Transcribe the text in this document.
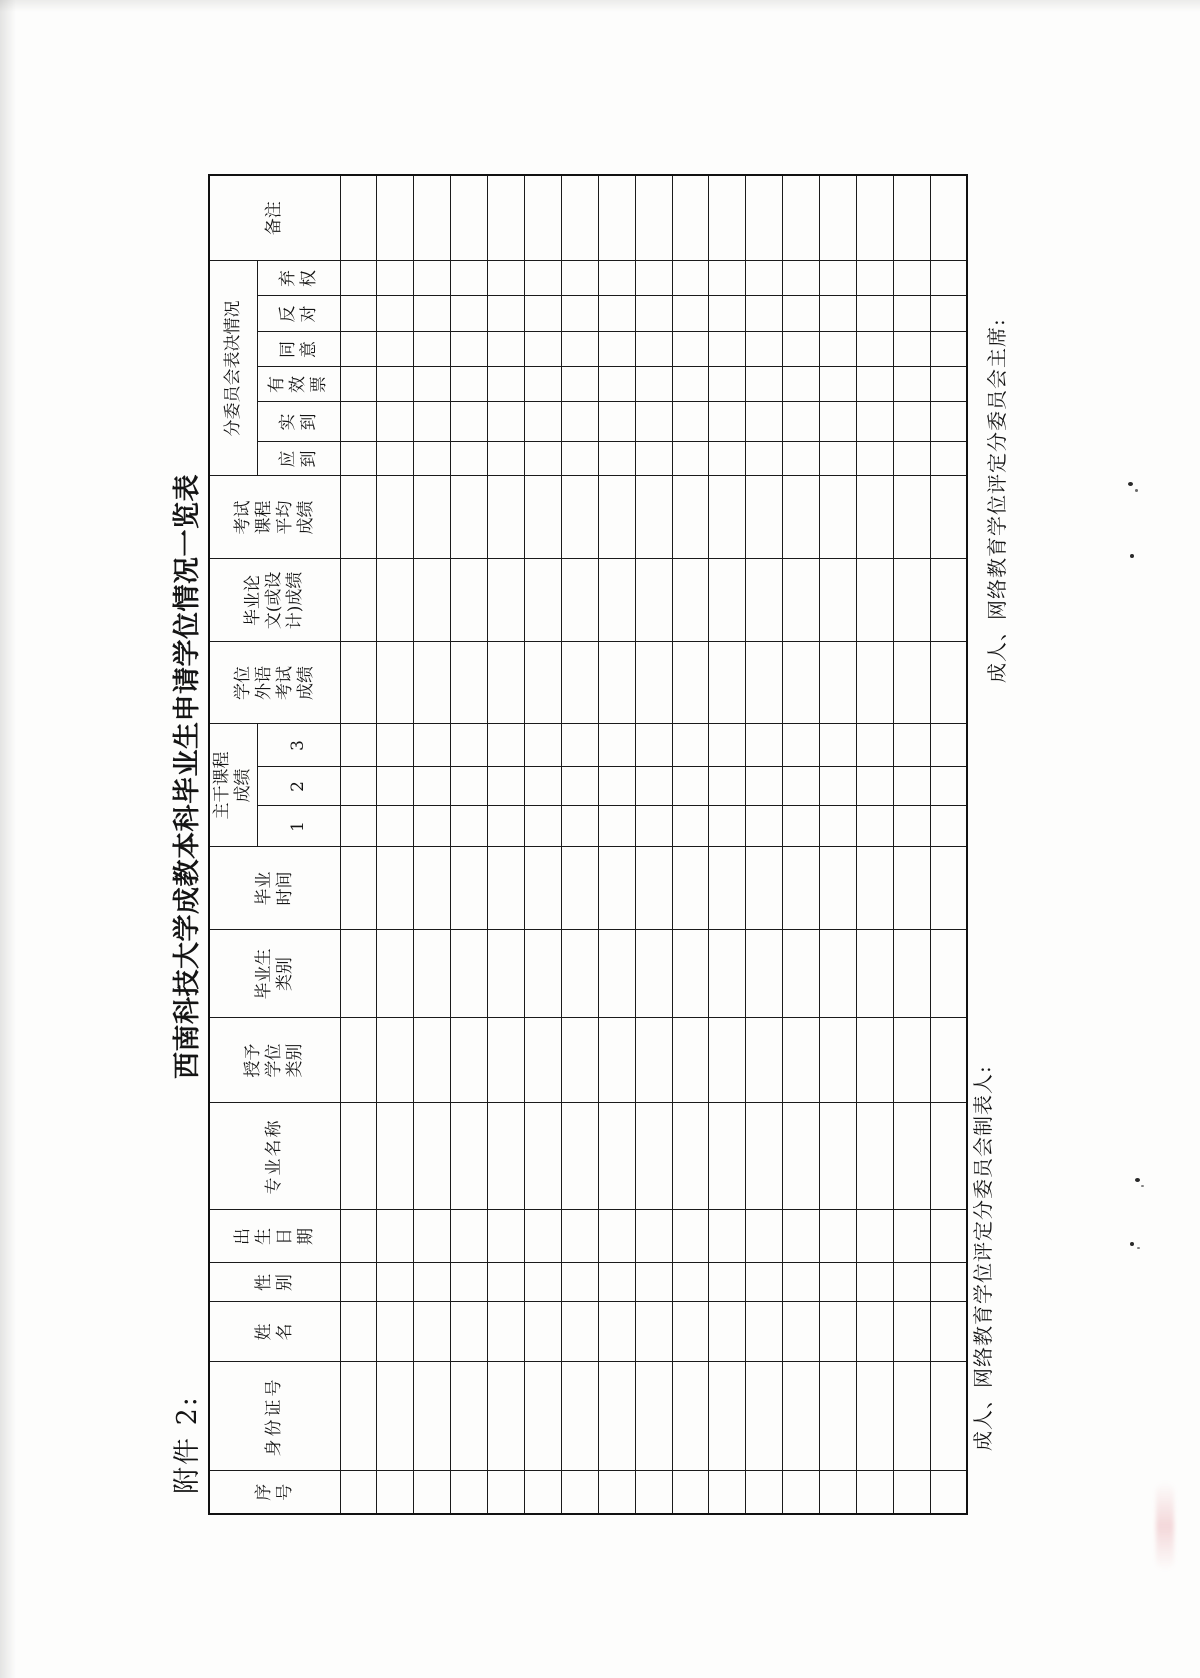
附件 2:
西南科技大学成教本科毕业生申请学位情况一览表
序号	身份证号	姓名	性别	出生日期	专业名称	授予学位类别	毕业生类别	毕业时间	主干课程成绩			学位外语考试成绩	毕业论文(或设计)成绩	考试课程平均成绩	分委员会表决情况						备注
									1	2	3				应到	实到	有效票	同意	反对	弃权	

成人、网络教育学位评定分委员会制表人:
成人、网络教育学位评定分委员会主席:
